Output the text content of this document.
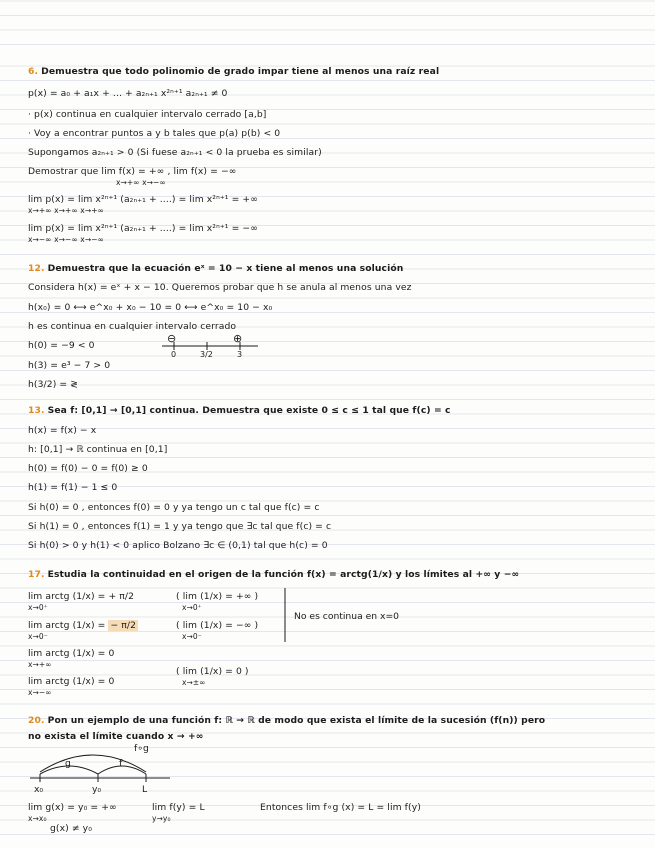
6. Demuestra que todo polinomio de grado impar tiene al menos una raíz real
p(x) = a₀ + a₁x + ... + a₂ₙ₊₁ x²ⁿ⁺¹ a₂ₙ₊₁ ≠ 0
· p(x) continua en cualquier intervalo cerrado [a,b]
· Voy a encontrar puntos a y b tales que p(a) p(b) < 0
Supongamos a₂ₙ₊₁ > 0 (Si fuese a₂ₙ₊₁ < 0 la prueba es similar)
Demostrar que lim f(x) = +∞ , lim f(x) = −∞
x→+∞ x→−∞
lim p(x) = lim x²ⁿ⁺¹ (a₂ₙ₊₁ + ....) = lim x²ⁿ⁺¹ = +∞
x→+∞ x→+∞ x→+∞
lim p(x) = lim x²ⁿ⁺¹ (a₂ₙ₊₁ + ....) = lim x²ⁿ⁺¹ = −∞
x→−∞ x→−∞ x→−∞
12. Demuestra que la ecuación eˣ = 10 − x tiene al menos una solución
Considera h(x) = eˣ + x − 10. Queremos probar que h se anula al menos una vez
h(x₀) = 0 ⟷ e^x₀ + x₀ − 10 = 0 ⟷ e^x₀ = 10 − x₀
h es continua en cualquier intervalo cerrado
h(0) = −9 < 0
h(3) = e³ − 7 > 0
h(3/2) = ≷
⊖	⊕
0	3/2	3
13. Sea f: [0,1] → [0,1] continua. Demuestra que existe 0 ≤ c ≤ 1 tal que f(c) = c
h(x) = f(x) − x
h: [0,1] → ℝ continua en [0,1]
h(0) = f(0) − 0 = f(0) ≥ 0
h(1) = f(1) − 1 ≤ 0
Si h(0) = 0 , entonces f(0) = 0 y ya tengo un c tal que f(c) = c
Si h(1) = 0 , entonces f(1) = 1 y ya tengo que ∃c tal que f(c) = c
Si h(0) > 0 y h(1) < 0 aplico Bolzano ∃c ∈ (0,1) tal que h(c) = 0
17. Estudia la continuidad en el origen de la función f(x) = arctg(1/x) y los límites al +∞ y −∞
lim arctg (1/x) = + π/2
x→0⁺
( lim (1/x) = +∞ )
x→0⁺
lim arctg (1/x) = − π/2
x→0⁻
( lim (1/x) = −∞ )
x→0⁻
No es continua en x=0
lim arctg (1/x) = 0
x→+∞
lim arctg (1/x) = 0
x→−∞
( lim (1/x) = 0 )
x→±∞
20. Pon un ejemplo de una función f: ℝ → ℝ de modo que exista el límite de la sucesión (f(n)) pero
no exista el límite cuando x → +∞
f∘g
g	f
x₀	y₀	L
lim g(x) = y₀ = +∞
x→x₀
g(x) ≠ y₀
lim f(y) = L
y→y₀
Entonces lim f∘g (x) = L = lim f(y)
